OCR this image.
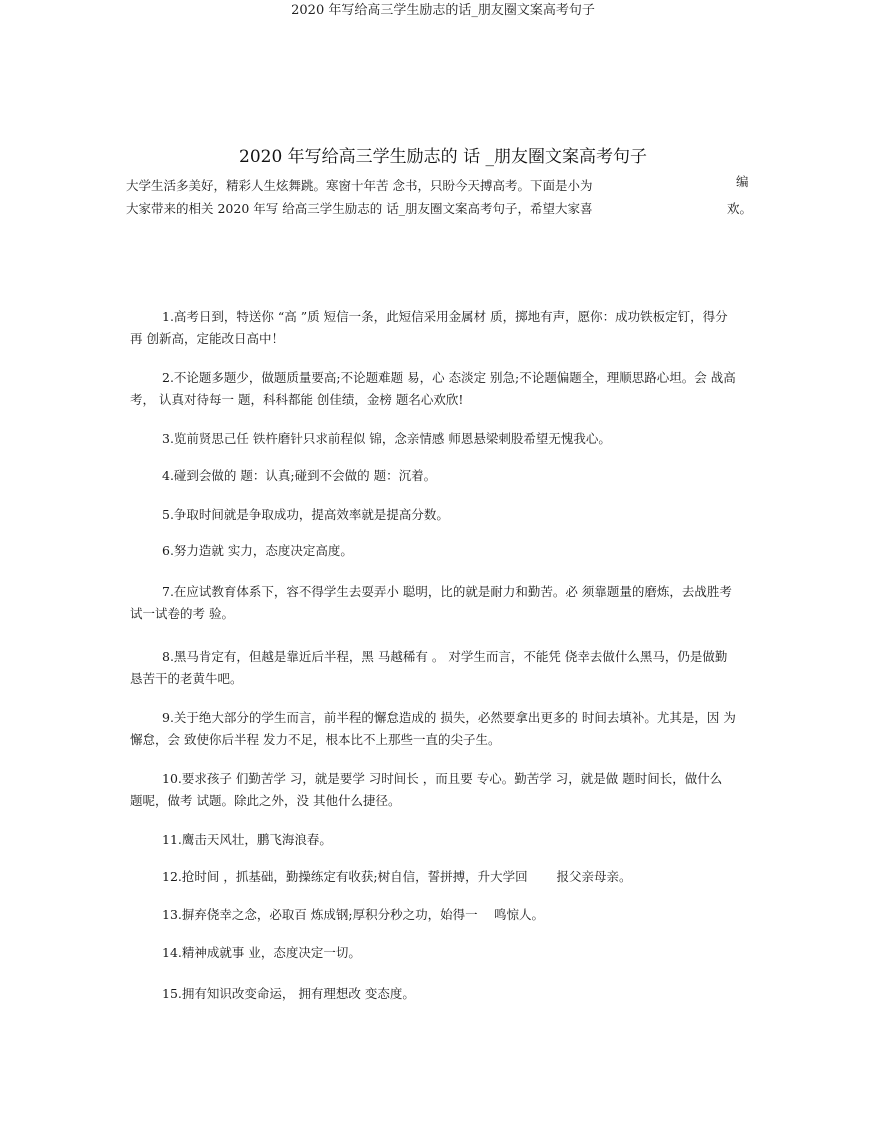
2020 年写给高三学生励志的话_朋友圈文案高考句子
2020 年写给高三学生励志的 话 _朋友圈文案高考句子
大学生活多美好，精彩人生炫舞跳。寒窗十年苦 念书，只盼今天搏高考。下面是小为	编
大家带来的相关 2020 年写 给高三学生励志的 话_朋友圈文案高考句子，希望大家喜	欢。

1.高考日到，特送你 “高 ”质 短信一条，此短信采用金属材 质，掷地有声，愿你：成功铁板定钉，得分再 创新高，定能改日高中！

2.不论题多题少，做题质量要高;不论题难题 易，心 态淡定 别急;不论题偏题全，理顺思路心坦。会 战高考， 认真对待每一 题，科科都能 创佳绩，金榜 题名心欢欣!

3.览前贤思己任 铁杵磨针只求前程似 锦，念亲情感 师恩悬梁刺股希望无愧我心。

4.碰到会做的 题：认真;碰到不会做的 题：沉着。

5.争取时间就是争取成功，提高效率就是提高分数。

6.努力造就 实力，态度决定高度。

7.在应试教育体系下，容不得学生去耍弄小 聪明，比的就是耐力和勤苦。必 须靠题量的磨炼，去战胜考 试一试卷的考 验。

8.黑马肯定有，但越是靠近后半程，黑 马越稀有 。 对学生而言，不能凭 侥幸去做什么黑马，仍是做勤 恳苦干的老黄牛吧。

9.关于绝大部分的学生而言，前半程的懈怠造成的 损失，必然要拿出更多的 时间去填补。尤其是，因 为懈怠，会 致使你后半程 发力不足，根本比不上那些一直的尖子生。

10.要求孩子 们勤苦学 习，就是要学 习时间长 ，而且要 专心。勤苦学 习，就是做 题时间长，做什么 题呢，做考 试题。除此之外，没 其他什么捷径。

11.鹰击天风壮，鹏飞海浪春。

12.抢时间 ，抓基础，勤操练定有收获;树自信，誓拼搏，升大学回 　　报父亲母亲。

13.摒弃侥幸之念，必取百 炼成钢;厚积分秒之功，始得一 　鸣惊人。

14.精神成就事 业，态度决定一切。

15.拥有知识改变命运， 拥有理想改 变态度。
